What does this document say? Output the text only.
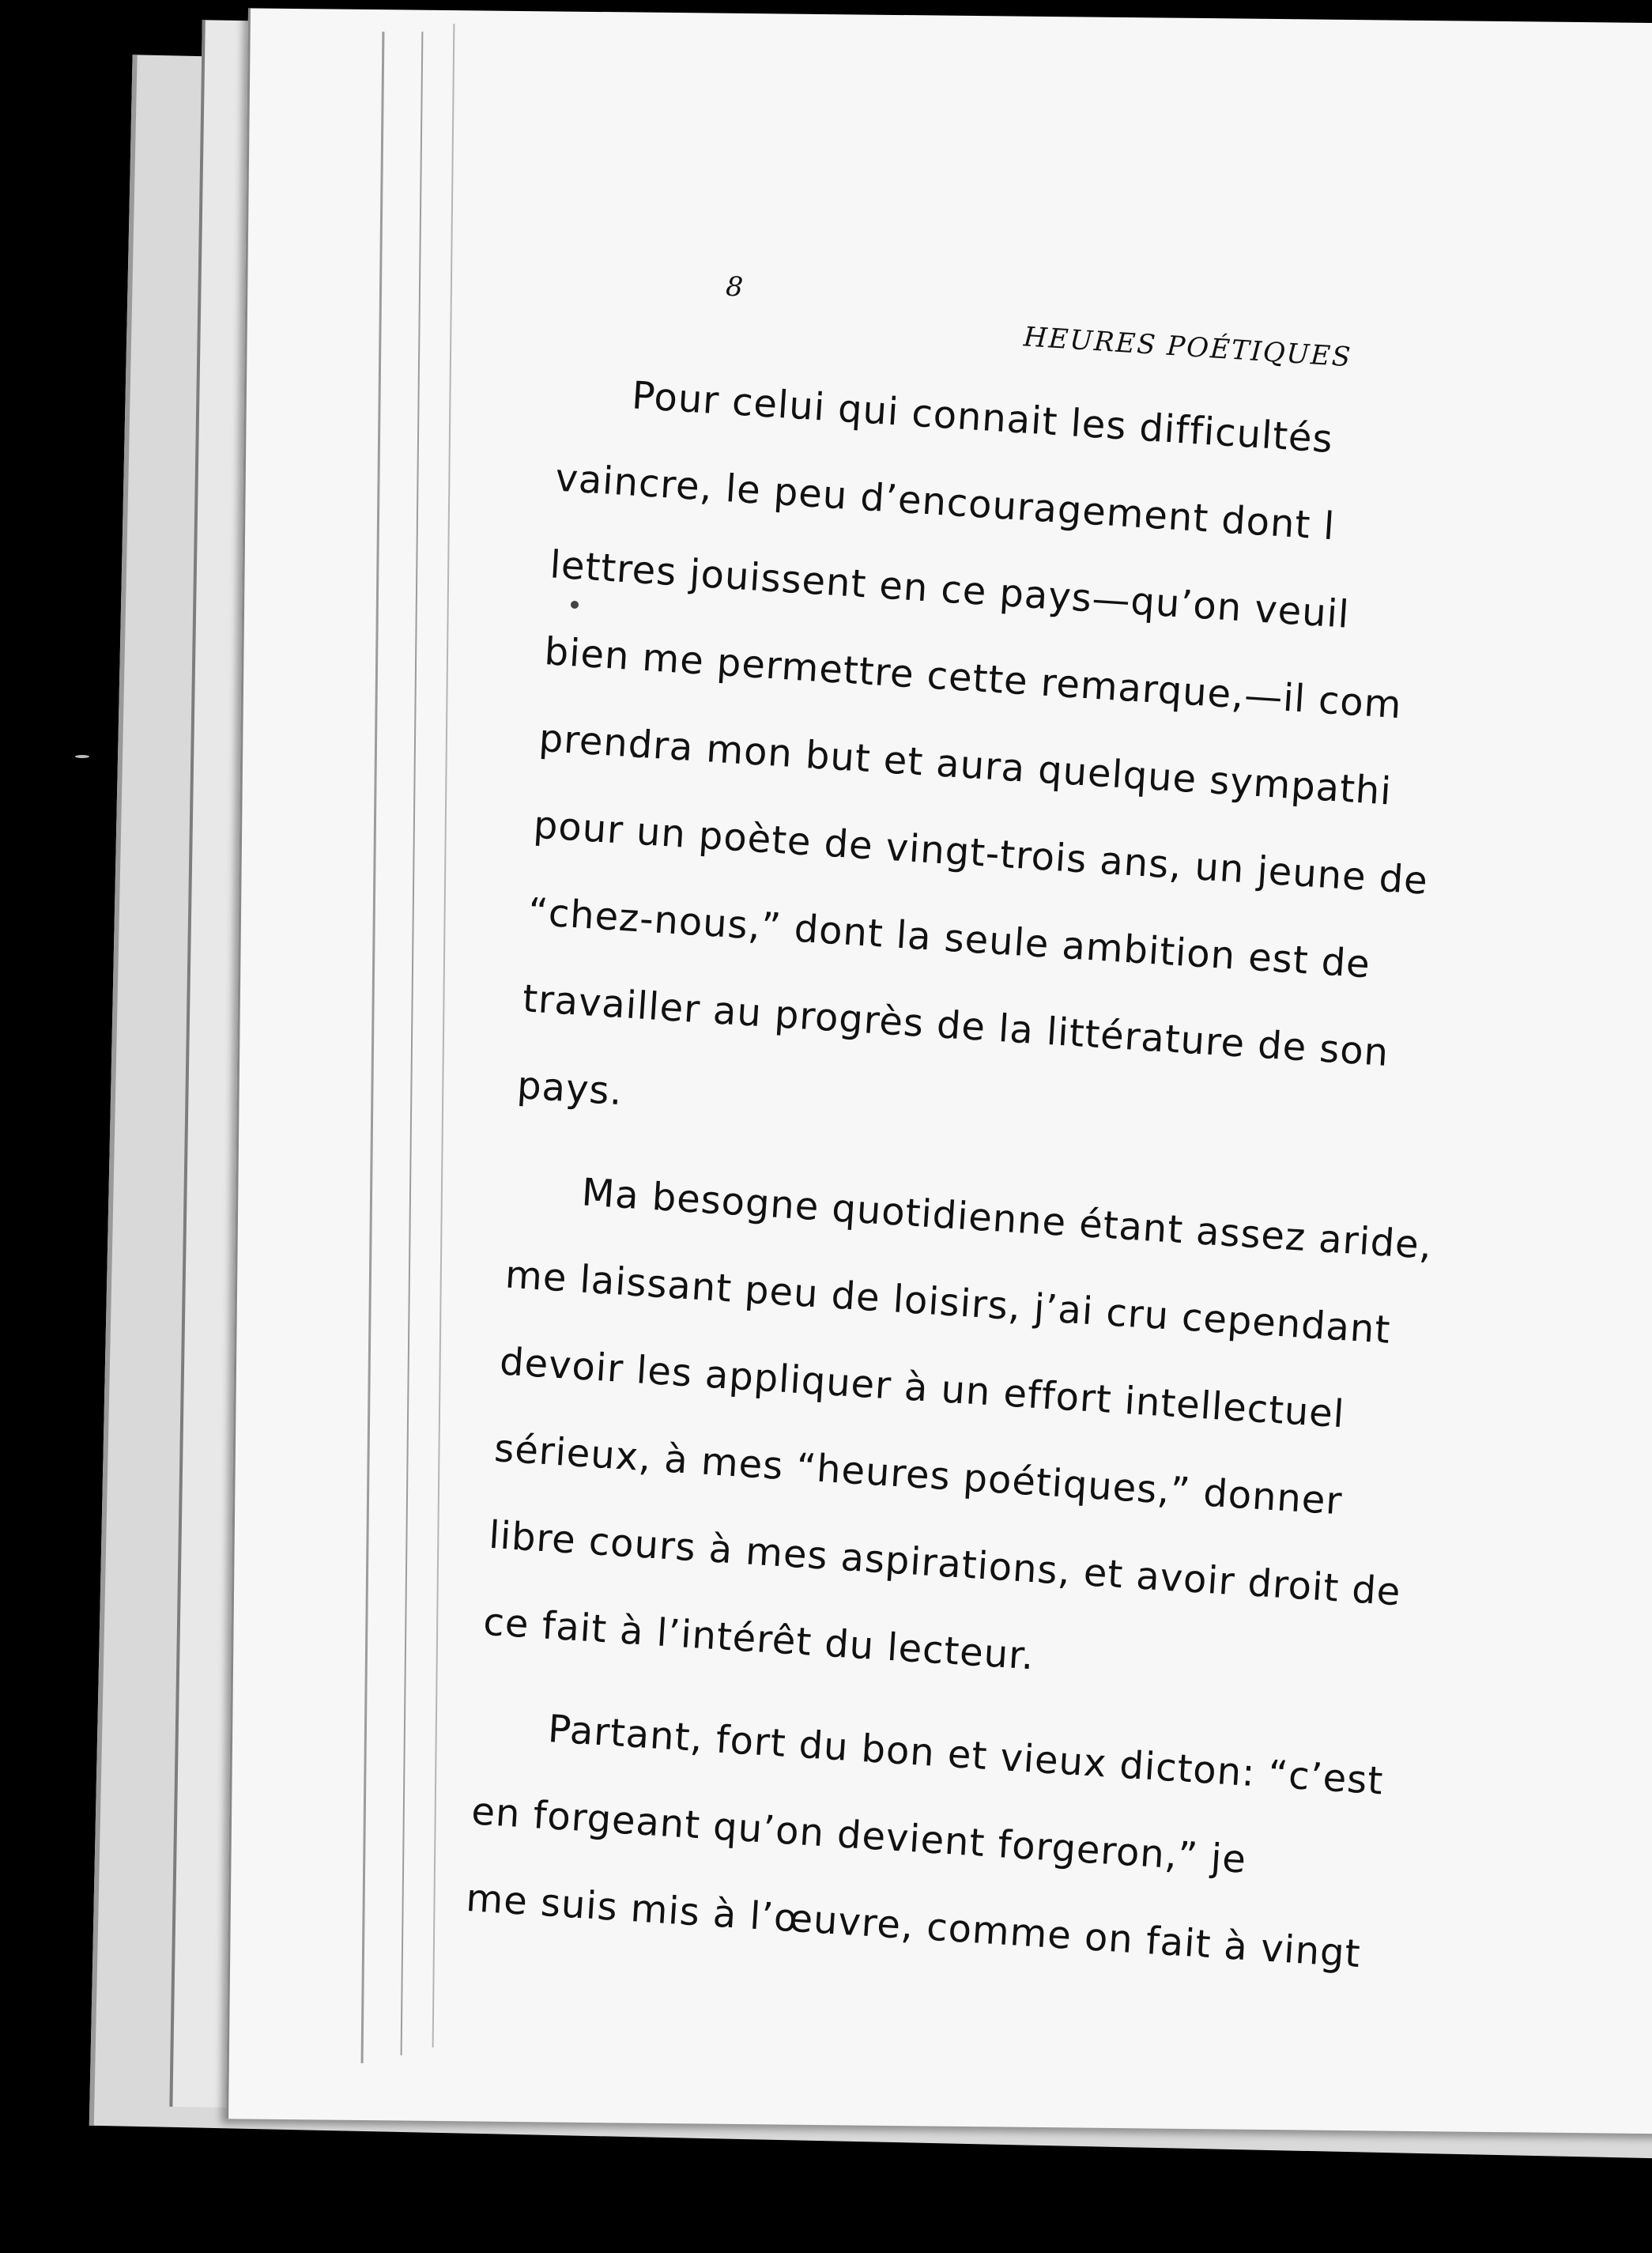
8
HEURES POÉTIQUES
Pour celui qui connait les difficultés
vaincre, le peu d’encouragement dont l
lettres jouissent en ce pays—qu’on veuil
bien me permettre cette remarque,—il com
prendra mon but et aura quelque sympathi
pour un poète de vingt-trois ans, un jeune de
“chez-nous,” dont la seule ambition est de
travailler au progrès de la littérature de son
pays.
Ma besogne quotidienne étant assez aride,
me laissant peu de loisirs, j’ai cru cependant
devoir les appliquer à un effort intellectuel
sérieux, à mes “heures poétiques,” donner
libre cours à mes aspirations, et avoir droit de
ce fait à l’intérêt du lecteur.
Partant, fort du bon et vieux dicton: “c’est
en forgeant qu’on devient forgeron,” je
me suis mis à l’œuvre, comme on fait à vingt
